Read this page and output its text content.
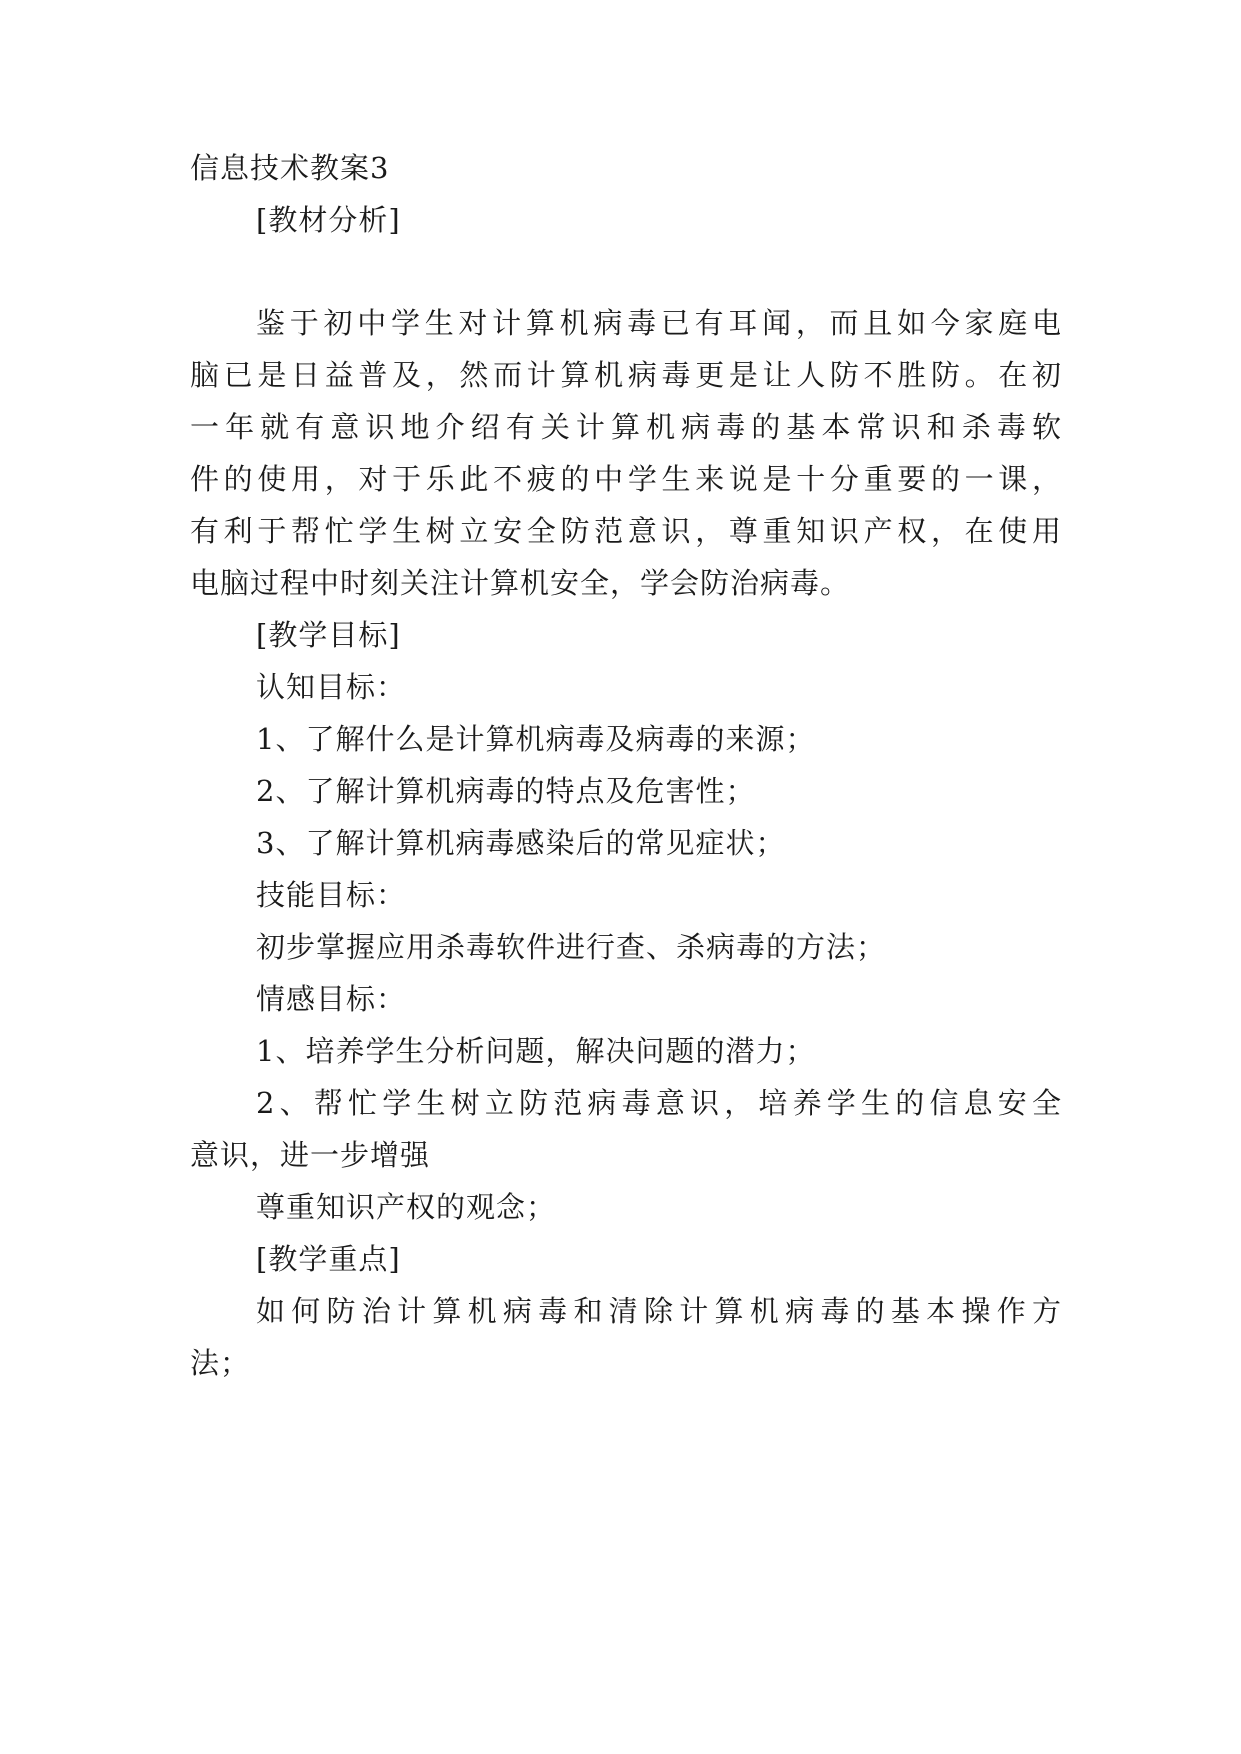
信息技术教案3
[教材分析]
鉴于初中学生对计算机病毒已有耳闻，而且如今家庭电
脑已是日益普及，然而计算机病毒更是让人防不胜防。在初
一年就有意识地介绍有关计算机病毒的基本常识和杀毒软
件的使用，对于乐此不疲的中学生来说是十分重要的一课，
有利于帮忙学生树立安全防范意识，尊重知识产权，在使用
电脑过程中时刻关注计算机安全，学会防治病毒。
[教学目标]
认知目标：
1、了解什么是计算机病毒及病毒的来源；
2、了解计算机病毒的特点及危害性；
3、了解计算机病毒感染后的常见症状；
技能目标：
初步掌握应用杀毒软件进行查、杀病毒的方法；
情感目标：
1、培养学生分析问题，解决问题的潜力；
2、帮忙学生树立防范病毒意识，培养学生的信息安全
意识，进一步增强
尊重知识产权的观念；
[教学重点]
如何防治计算机病毒和清除计算机病毒的基本操作方
法；
